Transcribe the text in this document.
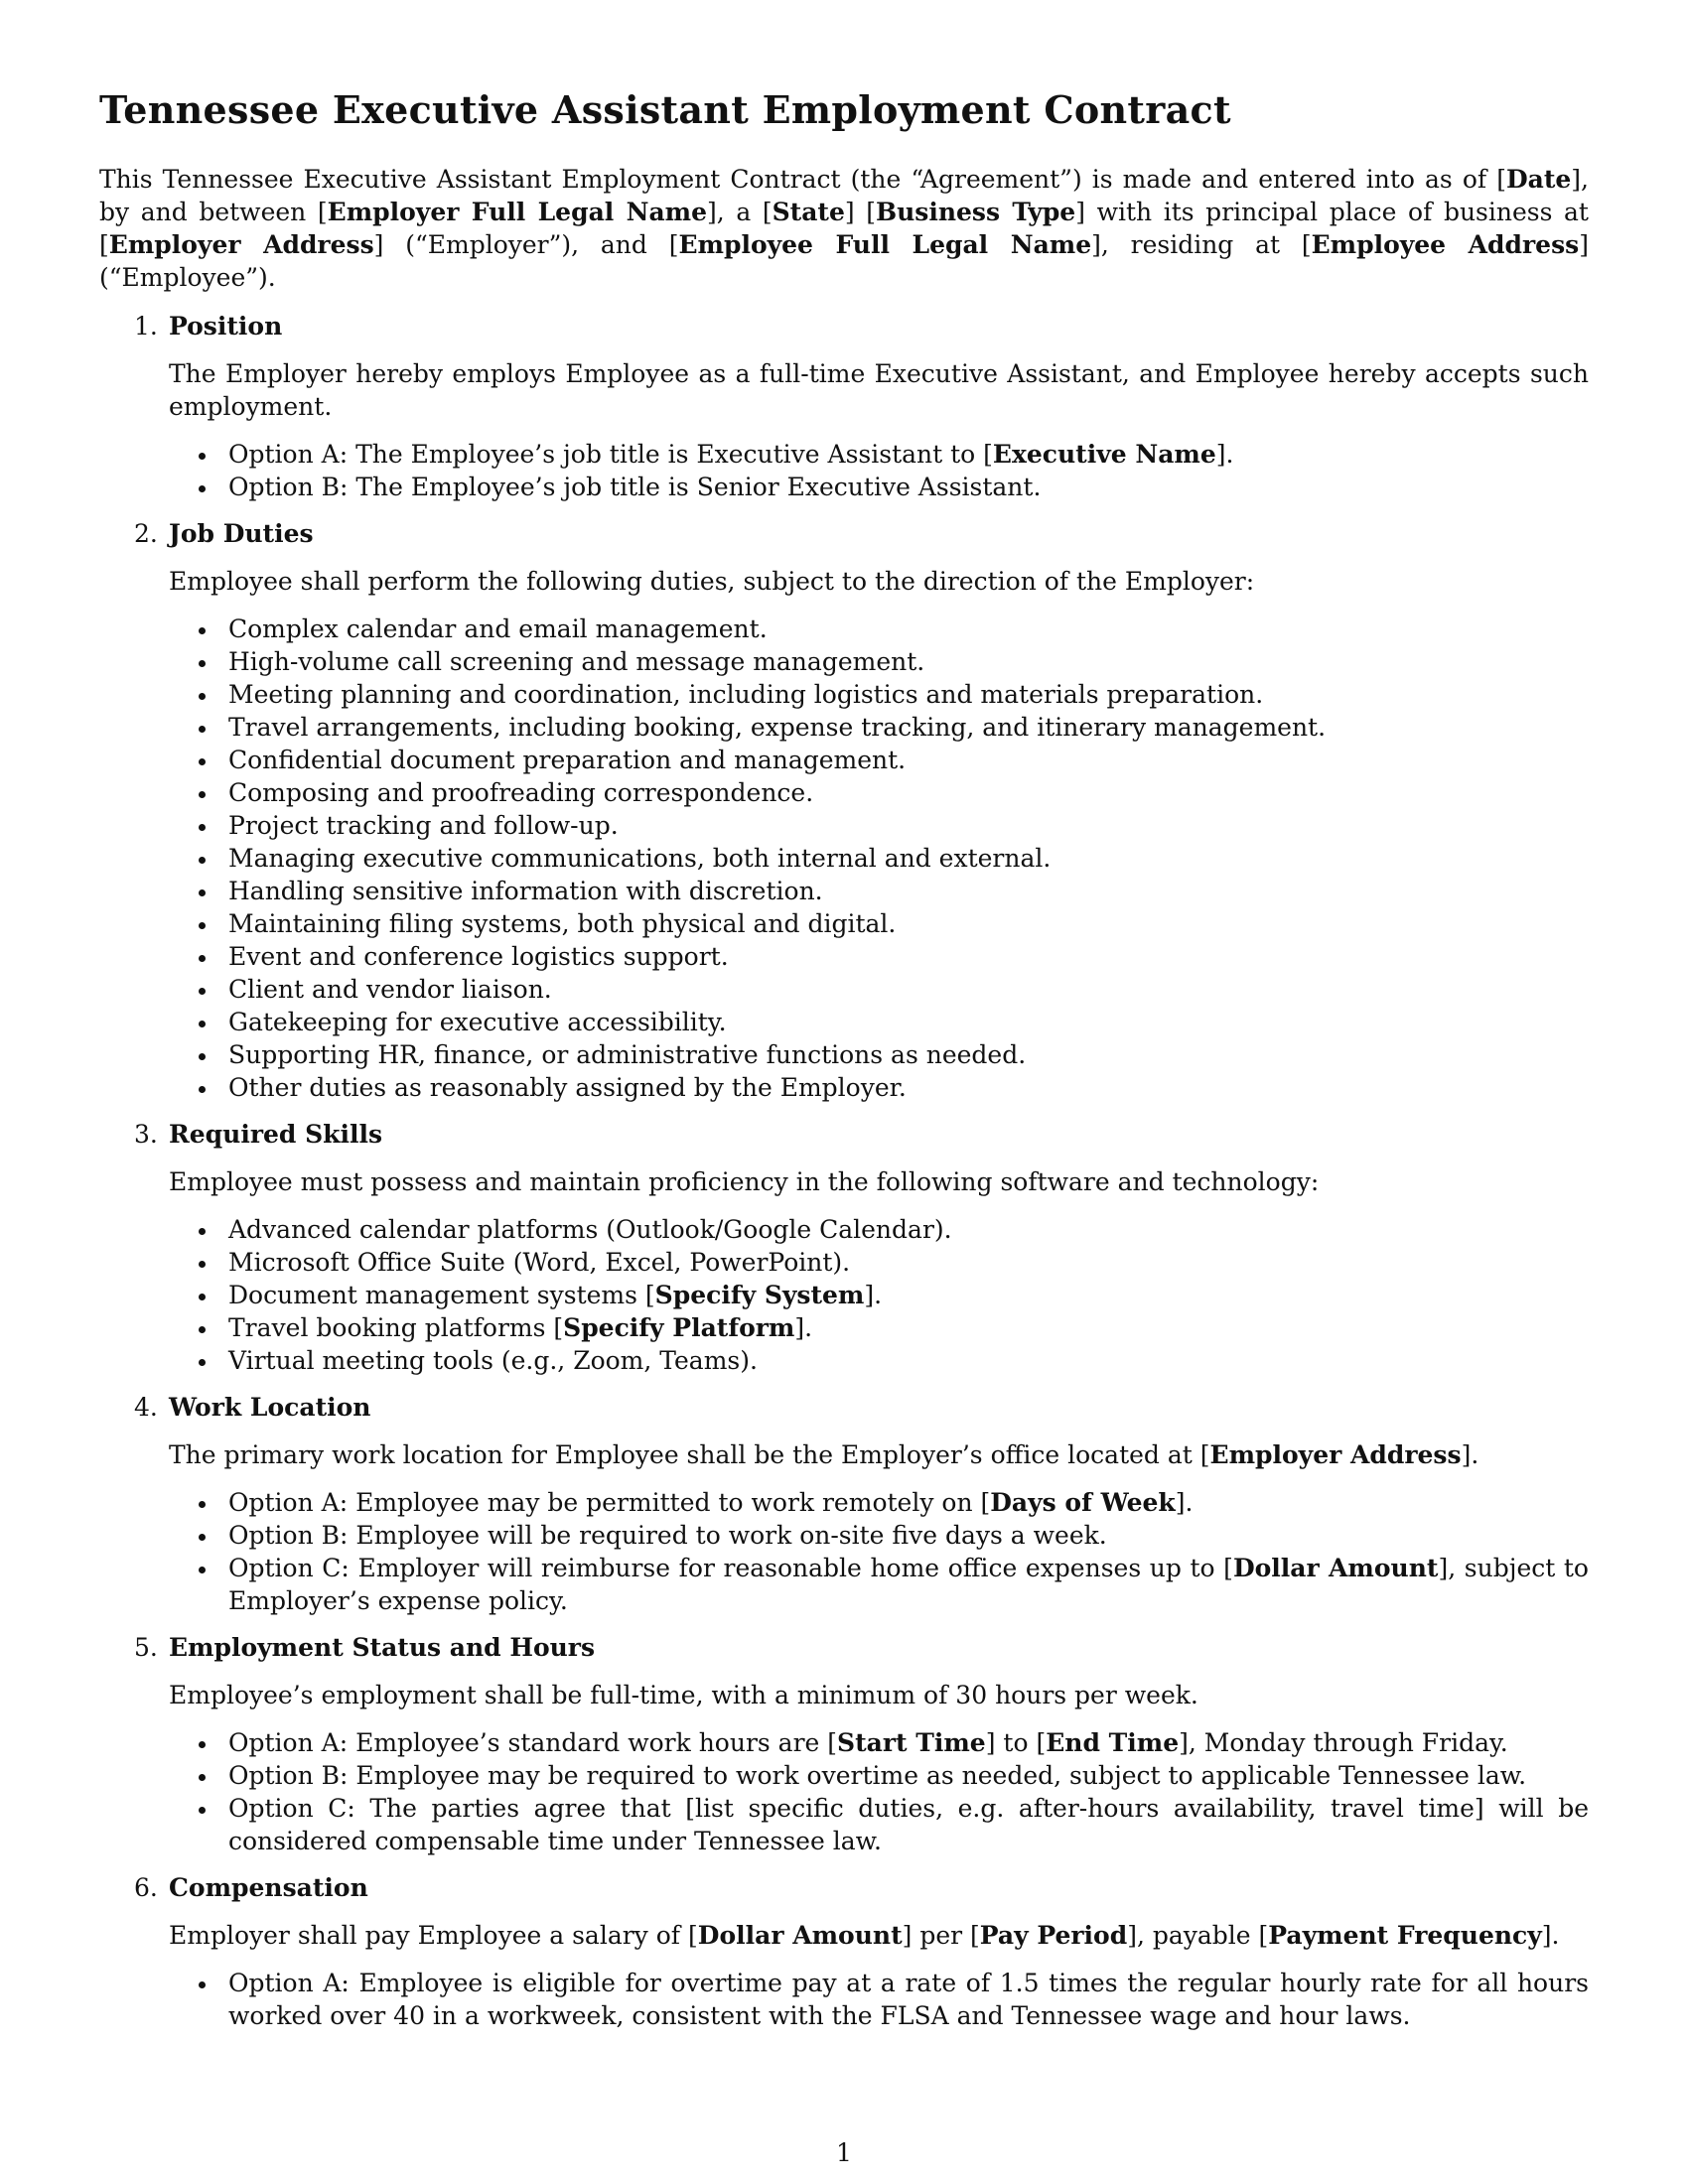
Tennessee Executive Assistant Employment Contract

This Tennessee Executive Assistant Employment Contract (the “Agreement”) is made and entered into as of [Date], by and between [Employer Full Legal Name], a [State] [Business Type] with its principal place of business at [Employer Address] (“Employer”), and [Employee Full Legal Name], residing at [Employee Address] (“Employee”).

1. Position

The Employer hereby employs Employee as a full-time Executive Assistant, and Employee hereby accepts such employment.

Option A: The Employee’s job title is Executive Assistant to [Executive Name].
Option B: The Employee’s job title is Senior Executive Assistant.
2. Job Duties

Employee shall perform the following duties, subject to the direction of the Employer:

Complex calendar and email management.
High-volume call screening and message management.
Meeting planning and coordination, including logistics and materials preparation.
Travel arrangements, including booking, expense tracking, and itinerary management.
Confidential document preparation and management.
Composing and proofreading correspondence.
Project tracking and follow-up.
Managing executive communications, both internal and external.
Handling sensitive information with discretion.
Maintaining filing systems, both physical and digital.
Event and conference logistics support.
Client and vendor liaison.
Gatekeeping for executive accessibility.
Supporting HR, finance, or administrative functions as needed.
Other duties as reasonably assigned by the Employer.
3. Required Skills

Employee must possess and maintain proficiency in the following software and technology:

Advanced calendar platforms (Outlook/Google Calendar).
Microsoft Office Suite (Word, Excel, PowerPoint).
Document management systems [Specify System].
Travel booking platforms [Specify Platform].
Virtual meeting tools (e.g., Zoom, Teams).
4. Work Location

The primary work location for Employee shall be the Employer’s office located at [Employer Address].

Option A: Employee may be permitted to work remotely on [Days of Week].
Option B: Employee will be required to work on-site five days a week.
Option C: Employer will reimburse for reasonable home office expenses up to [Dollar Amount], subject to Employer’s expense policy.
5. Employment Status and Hours

Employee’s employment shall be full-time, with a minimum of 30 hours per week.

Option A: Employee’s standard work hours are [Start Time] to [End Time], Monday through Friday.
Option B: Employee may be required to work overtime as needed, subject to applicable Tennessee law.
Option C: The parties agree that [list specific duties, e.g. after-hours availability, travel time] will be considered compensable time under Tennessee law.
6. Compensation

Employer shall pay Employee a salary of [Dollar Amount] per [Pay Period], payable [Payment Frequency].

Option A: Employee is eligible for overtime pay at a rate of 1.5 times the regular hourly rate for all hours worked over 40 in a workweek, consistent with the FLSA and Tennessee wage and hour laws.
1
